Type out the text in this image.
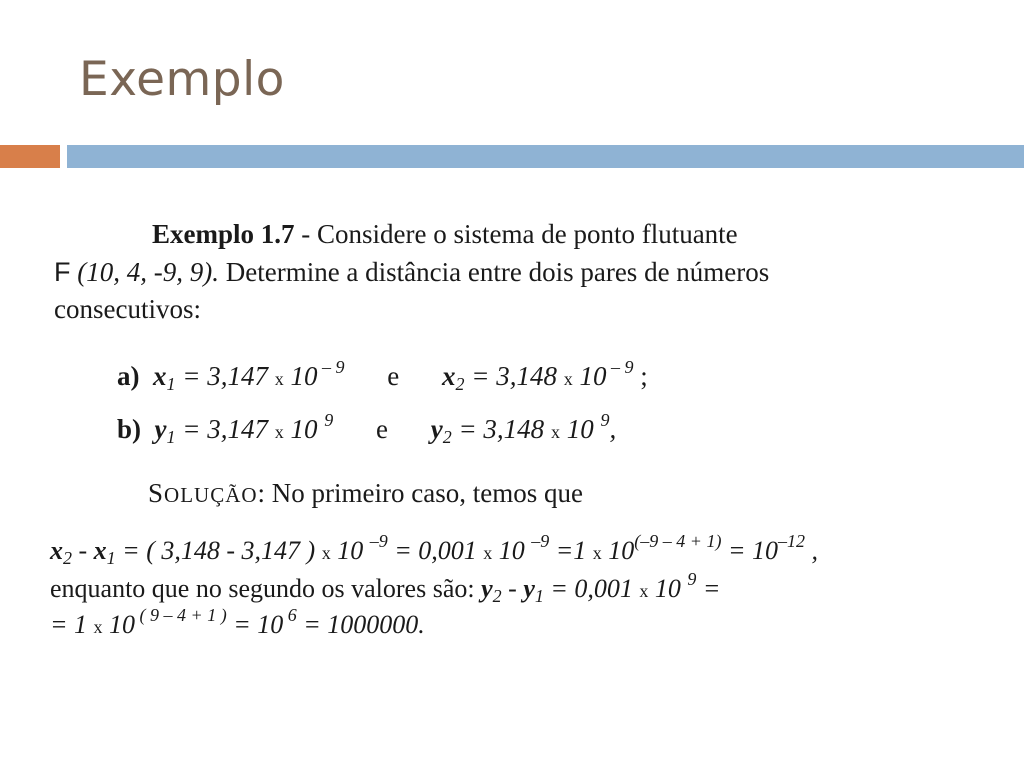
Exemplo
Exemplo 1.7 - Considere o sistema de ponto flutuante
F (10, 4, -9, 9). Determine a distância entre dois pares de números
consecutivos:
a) $x_1 = 3,147$ x 10 $^{- 9}$ e $x_2 = 3,148$ x 10 $^{- 9}$ ;
b) $y_1 = 3,147$ x 10 $^9$ e $y_2 = 3,148$ x 10 $^9$,
SOLUÇÃO: No primeiro caso, temos que
$x_2 - x_1$ = ( 3,148 - 3,147 ) x 10 $^{-9}$ = 0,001 x 10 $^{-9}$ =1 x $10^{(-9 - 4 + 1)} = 10^{-12}$ ,
enquanto que no segundo os valores são: $y_2 - y_1 = 0,001$ x 10 $^9$ =
= 1 x 10 $^{( 9 - 4 + 1 )}$ = 10 $^6$ = 1000000.
